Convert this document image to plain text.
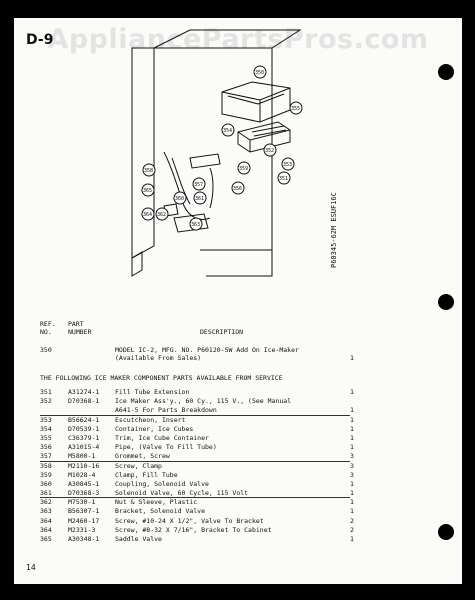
AppliancePartsPros.com
D-9
350
355
354
352
359
353
358
357
365
360 361
362
364
363
356
351
P60345-62M ESUF16C
REF.
NO.
PART
NUMBER	DESCRIPTION
350	MODEL IC-2, MFG. NO. P60120-5W Add On Ice-Maker
(Available From Sales)	1
THE FOLLOWING ICE MAKER COMPONENT PARTS AVAILABLE FROM SERVICE
351	A31274-1 Fill Tube Extension	1
352	D70368-1 Ice Maker Ass'y., 60 Cy., 115 V., (See Manual
A641-5 For Parts Breakdown	1
353	B56624-1 Escutcheon, Insert	1
354	D70539-1 Container, Ice Cubes	1
355	C36379-1 Trim, Ice Cube Container	1
356	A31015-4 Pipe, (Valve To Fill Tube)	1
357	M5800-1	Grommet, Screw	3
358	M2110-16 Screw, Clamp	3
359	M1028-4	Clamp, Fill Tube	3
360	A30845-1 Coupling, Solenoid Valve	1
361	D70368-3 Solenoid Valve, 60 Cycle, 115 Volt	1
362	M7530-1	Nut & Sleeve, Plastic	1
363	B56307-1 Bracket, Solenoid Valve	1
364	M2460-17 Screw, #10-24 X 1/2", Valve To Bracket	2
364	M2331-3	Screw, #8-32 X 7/16", Bracket To Cabinet	2
365	A30348-1 Saddle Valve	1
14
